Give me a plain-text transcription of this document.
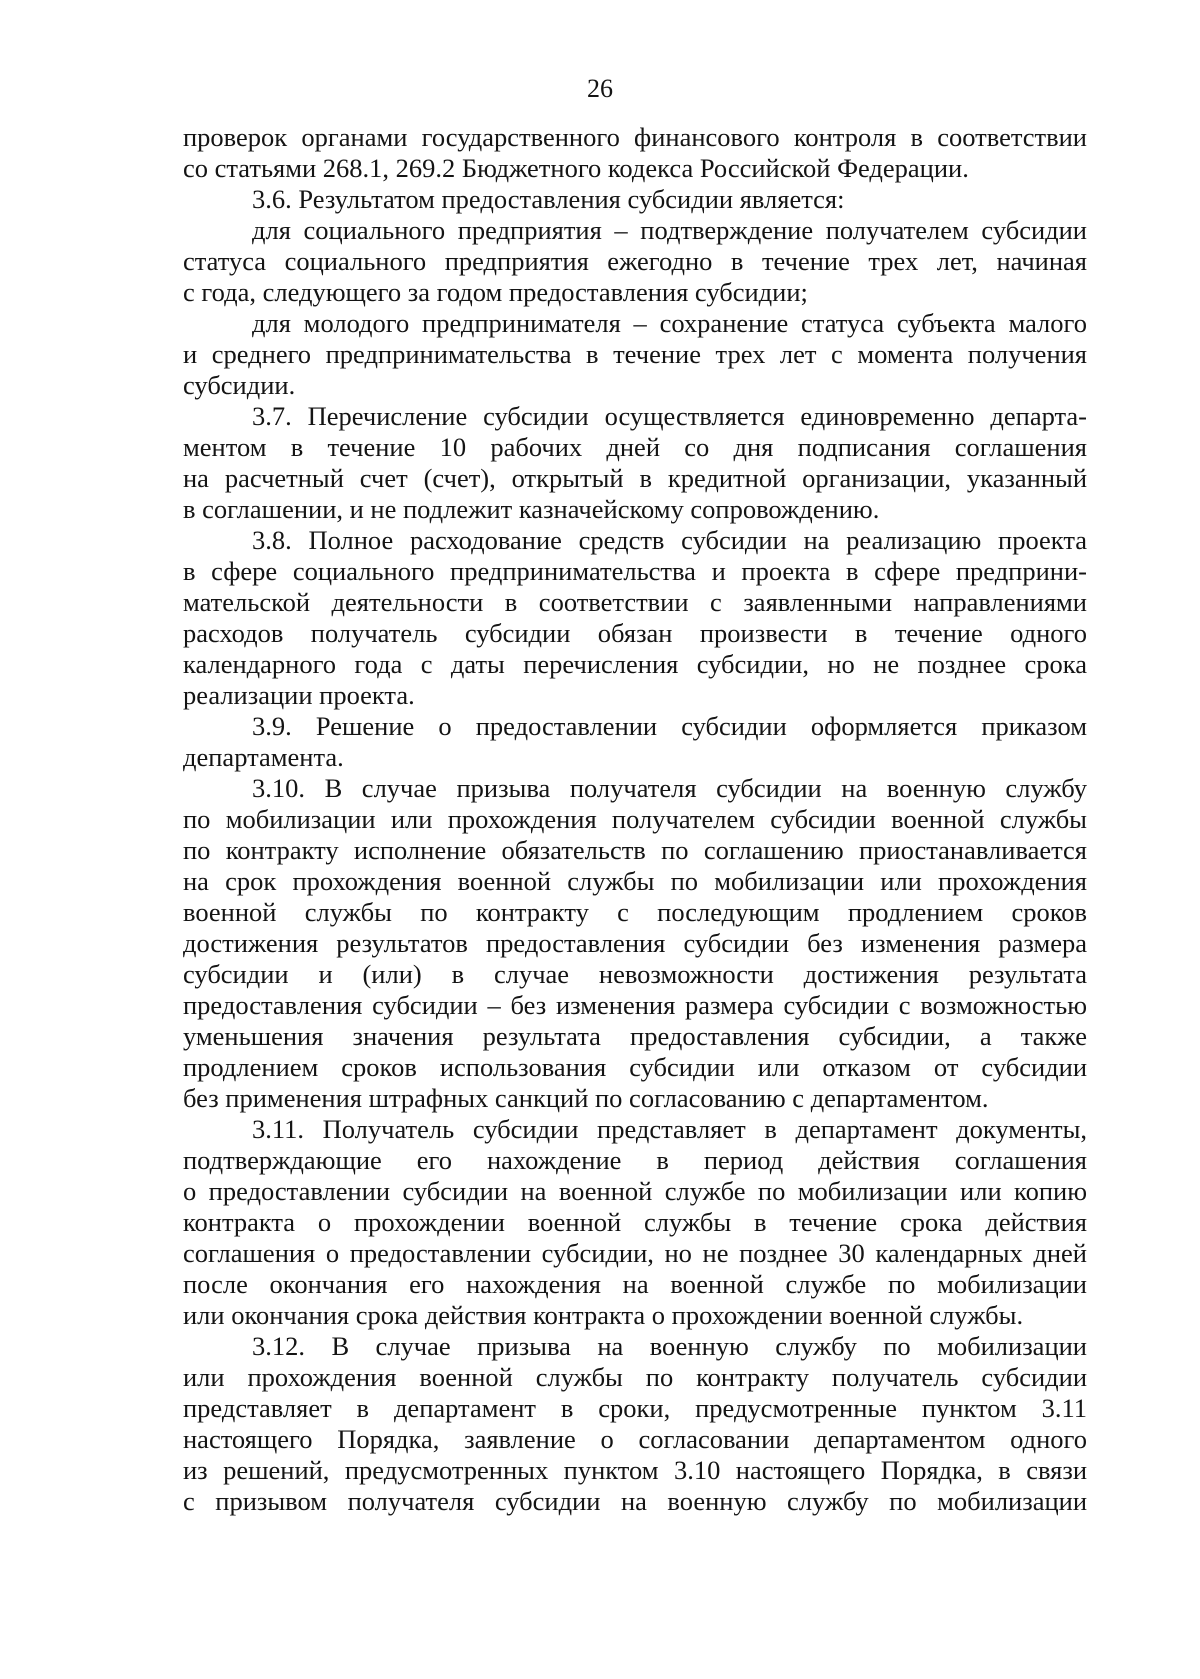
26

проверок органами государственного финансового контроля в соответствии
со статьями 268.1, 269.2 Бюджетного кодекса Российской Федерации.

3.6. Результатом предоставления субсидии является:

для социального предприятия – подтверждение получателем субсидии
статуса социального предприятия ежегодно в течение трех лет, начиная
с года, следующего за годом предоставления субсидии;

для молодого предпринимателя – сохранение статуса субъекта малого
и среднего предпринимательства в течение трех лет с момента получения
субсидии.

3.7. Перечисление субсидии осуществляется единовременно департа-
ментом в течение 10 рабочих дней со дня подписания соглашения
на расчетный счет (счет), открытый в кредитной организации, указанный
в соглашении, и не подлежит казначейскому сопровождению.

3.8. Полное расходование средств субсидии на реализацию проекта
в сфере социального предпринимательства и проекта в сфере предприни-
мательской деятельности в соответствии с заявленными направлениями
расходов получатель субсидии обязан произвести в течение одного
календарного года с даты перечисления субсидии, но не позднее срока
реализации проекта.

3.9. Решение о предоставлении субсидии оформляется приказом
департамента.

3.10. В случае призыва получателя субсидии на военную службу
по мобилизации или прохождения получателем субсидии военной службы
по контракту исполнение обязательств по соглашению приостанавливается
на срок прохождения военной службы по мобилизации или прохождения
военной службы по контракту с последующим продлением сроков
достижения результатов предоставления субсидии без изменения размера
субсидии и (или) в случае невозможности достижения результата
предоставления субсидии – без изменения размера субсидии с возможностью
уменьшения значения результата предоставления субсидии, а также
продлением сроков использования субсидии или отказом от субсидии
без применения штрафных санкций по согласованию с департаментом.

3.11. Получатель субсидии представляет в департамент документы,
подтверждающие его нахождение в период действия соглашения
о предоставлении субсидии на военной службе по мобилизации или копию
контракта о прохождении военной службы в течение срока действия
соглашения о предоставлении субсидии, но не позднее 30 календарных дней
после окончания его нахождения на военной службе по мобилизации
или окончания срока действия контракта о прохождении военной службы.

3.12. В случае призыва на военную службу по мобилизации
или прохождения военной службы по контракту получатель субсидии
представляет в департамент в сроки, предусмотренные пунктом 3.11
настоящего Порядка, заявление о согласовании департаментом одного
из решений, предусмотренных пунктом 3.10 настоящего Порядка, в связи
с призывом получателя субсидии на военную службу по мобилизации
